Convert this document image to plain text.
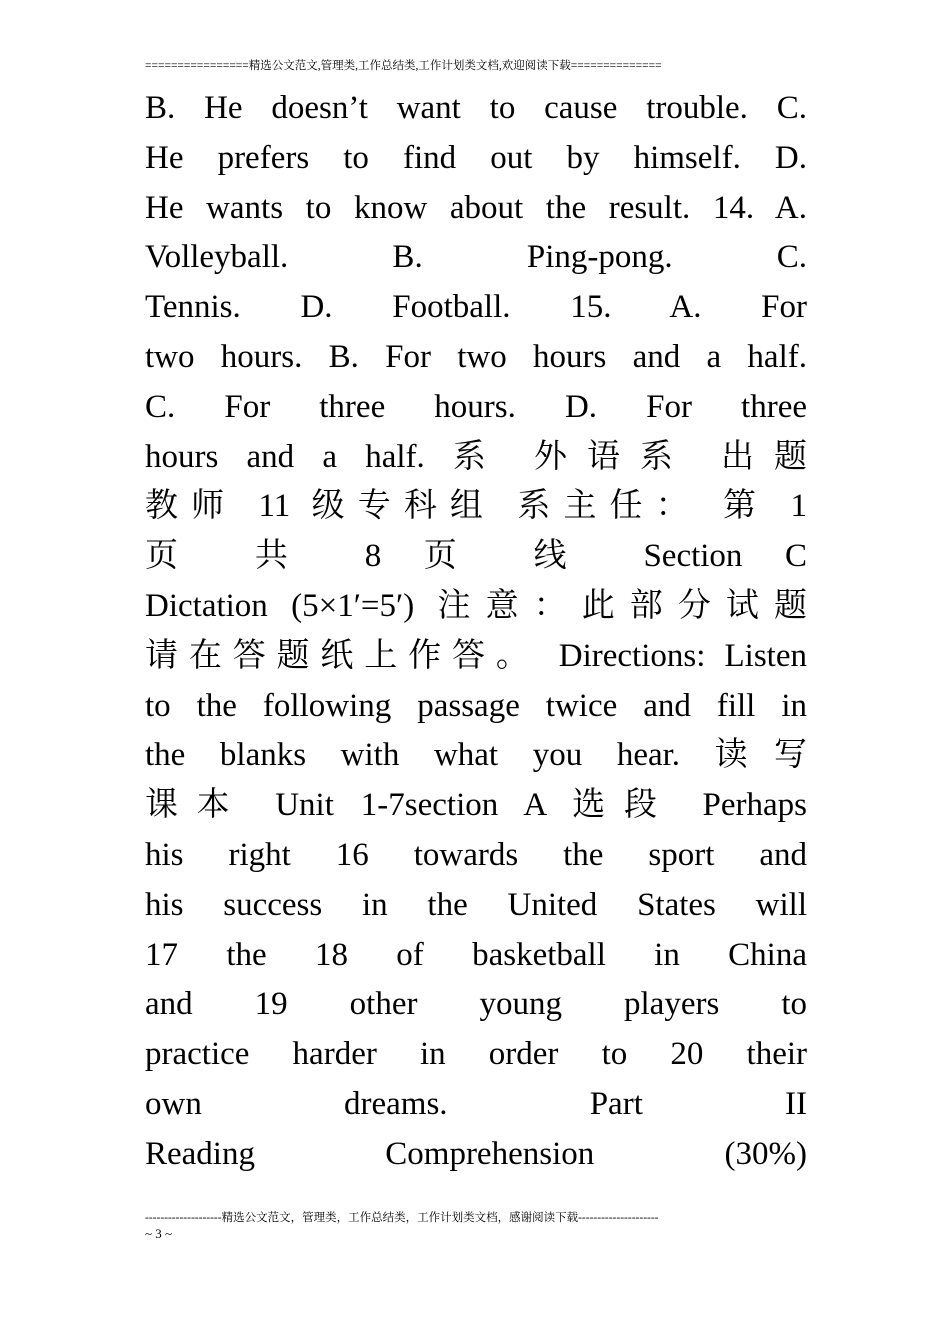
================精选公文范文,管理类,工作总结类,工作计划类文档,欢迎阅读下载==============
B. He doesn’t want to cause trouble. C.
He prefers to find out by himself. D.
He wants to know about the result. 14. A.
Volleyball. B. Ping-pong. C.
Tennis. D. Football. 15. A. For
two hours. B. For two hours and a half.
C. For three hours. D. For three
hours and a half. 系 外语系 出题
教师 11 级专科组 系主任： 第 1
页 共 8 页 线 Section C
Dictation (5×1′=5′) 注意：此部分试题
请在答题纸上作答。 Directions: Listen
to the following passage twice and fill in
the blanks with what you hear. 读写
课本 Unit 1-7section A 选段 Perhaps
his right 16 towards the sport and
his success in the United States will
17 the 18 of basketball in China
and 19 other young players to
practice harder in order to 20 their
own dreams. Part II
Reading Comprehension (30%)
--------------------精选公文范文，管理类，工作总结类，工作计划类文档，感谢阅读下载---------------------
~ 3 ~
